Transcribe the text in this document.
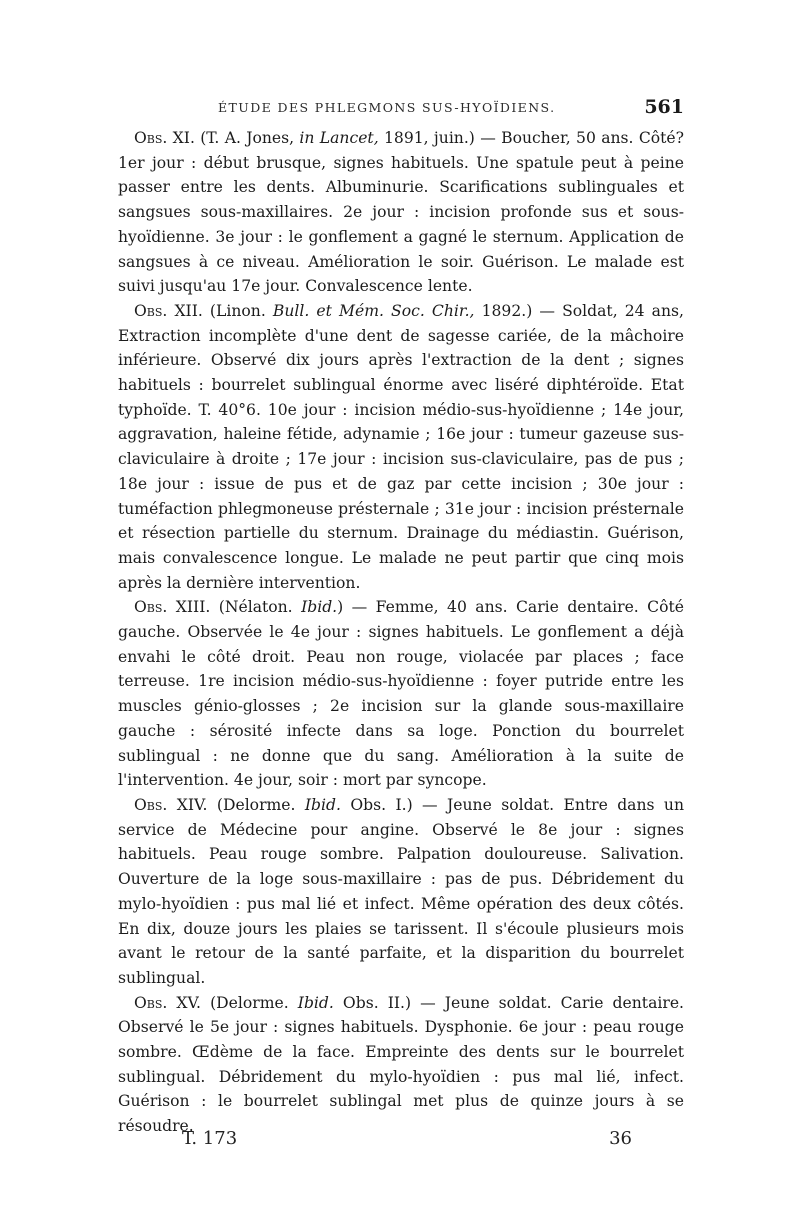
ÉTUDE DES PHLEGMONS SUS-HYOÏDIENS.	561

Obs. XI. (T. A. Jones, in Lancet, 1891, juin.) — Boucher, 50 ans. Côté? 1er jour : début brusque, signes habituels. Une spatule peut à peine passer entre les dents. Albuminurie. Scarifications sublinguales et sangsues sous-maxillaires. 2e jour : incision profonde sus et sous-hyoïdienne. 3e jour : le gonflement a gagné le sternum. Application de sangsues à ce niveau. Amélioration le soir. Guérison. Le malade est suivi jusqu'au 17e jour. Convalescence lente.

Obs. XII. (Linon. Bull. et Mém. Soc. Chir., 1892.) — Soldat, 24 ans, Extraction incomplète d'une dent de sagesse cariée, de la mâchoire inférieure. Observé dix jours après l'extraction de la dent ; signes habituels : bourrelet sublingual énorme avec liséré diphtéroïde. Etat typhoïde. T. 40°6. 10e jour : incision médio-sus-hyoïdienne ; 14e jour, aggravation, haleine fétide, adynamie ; 16e jour : tumeur gazeuse sus-claviculaire à droite ; 17e jour : incision sus-claviculaire, pas de pus ; 18e jour : issue de pus et de gaz par cette incision ; 30e jour : tuméfaction phlegmoneuse présternale ; 31e jour : incision présternale et résection partielle du sternum. Drainage du médiastin. Guérison, mais convalescence longue. Le malade ne peut partir que cinq mois après la dernière intervention.

Obs. XIII. (Nélaton. Ibid.) — Femme, 40 ans. Carie dentaire. Côté gauche. Observée le 4e jour : signes habituels. Le gonflement a déjà envahi le côté droit. Peau non rouge, violacée par places ; face terreuse. 1re incision médio-sus-hyoïdienne : foyer putride entre les muscles génio-glosses ; 2e incision sur la glande sous-maxillaire gauche : sérosité infecte dans sa loge. Ponction du bourrelet sublingual : ne donne que du sang. Amélioration à la suite de l'intervention. 4e jour, soir : mort par syncope.

Obs. XIV. (Delorme. Ibid. Obs. I.) — Jeune soldat. Entre dans un service de Médecine pour angine. Observé le 8e jour : signes habituels. Peau rouge sombre. Palpation douloureuse. Salivation. Ouverture de la loge sous-maxillaire : pas de pus. Débridement du mylo-hyoïdien : pus mal lié et infect. Même opération des deux côtés. En dix, douze jours les plaies se tarissent. Il s'écoule plusieurs mois avant le retour de la santé parfaite, et la disparition du bourrelet sublingual.

Obs. XV. (Delorme. Ibid. Obs. II.) — Jeune soldat. Carie dentaire. Observé le 5e jour : signes habituels. Dysphonie. 6e jour : peau rouge sombre. Œdème de la face. Empreinte des dents sur le bourrelet sublingual. Débridement du mylo-hyoïdien : pus mal lié, infect. Guérison : le bourrelet sublingal met plus de quinze jours à se résoudre.

T. 173	36
